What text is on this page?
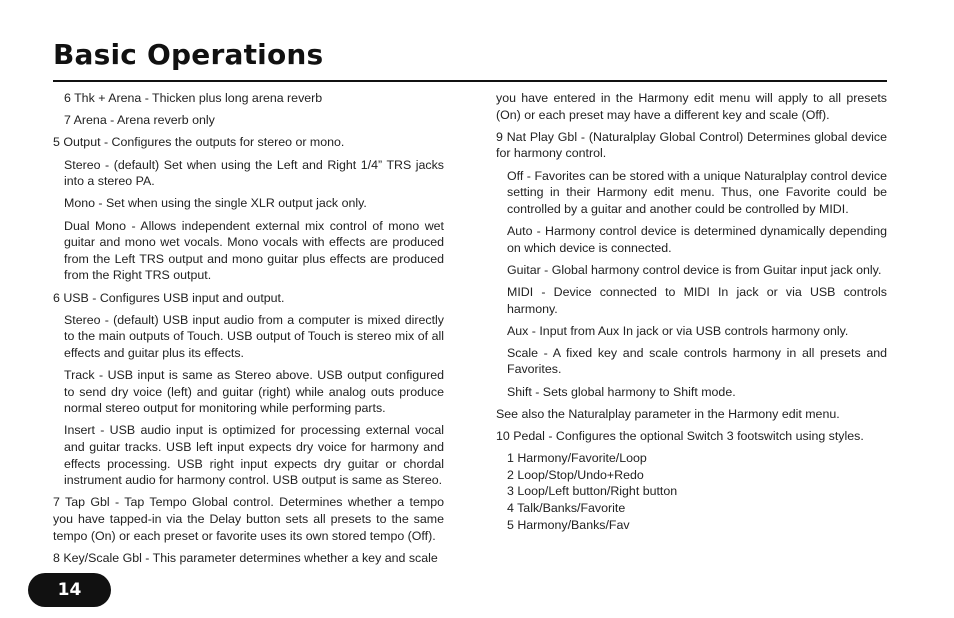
Basic Operations

6 Thk + Arena - Thicken plus long arena reverb

7 Arena - Arena reverb only

5 Output - Configures the outputs for stereo or mono.

Stereo - (default) Set when using the Left and Right 1/4” TRS jacks into a stereo PA.

Mono - Set when using the single XLR output jack only.

Dual Mono - Allows independent external mix control of mono wet guitar and mono wet vocals. Mono vocals with effects are produced from the Left TRS output and mono guitar plus effects are produced from the Right TRS output.

6 USB - Configures USB input and output.

Stereo - (default) USB input audio from a computer is mixed directly to the main outputs of Touch. USB output of Touch is stereo mix of all effects and guitar plus its effects.

Track - USB input is same as Stereo above. USB output configured to send dry voice (left) and guitar (right) while analog outs produce normal stereo output for monitoring while performing parts.

Insert - USB audio input is optimized for processing external vocal and guitar tracks. USB left input expects dry voice for harmony and effects processing. USB right input expects dry guitar or chordal instrument audio for harmony control. USB output is same as Stereo.

7 Tap Gbl - Tap Tempo Global control. Determines whether a tempo you have tapped-in via the Delay button sets all presets to the same tempo (On) or each preset or favorite uses its own stored tempo (Off).

8 Key/Scale Gbl - This parameter determines whether a key and scale

you have entered in the Harmony edit menu will apply to all presets (On) or each preset may have a different key and scale (Off).

9 Nat Play Gbl - (Naturalplay Global Control) Determines global device for harmony control.

Off - Favorites can be stored with a unique Naturalplay control device setting in their Harmony edit menu. Thus, one Favorite could be controlled by a guitar and another could be controlled by MIDI.

Auto - Harmony control device is determined dynamically depending on which device is connected.

Guitar - Global harmony control device is from Guitar input jack only.

MIDI - Device connected to MIDI In jack or via USB controls harmony.

Aux - Input from Aux In jack or via USB controls harmony only.

Scale - A fixed key and scale controls harmony in all presets and Favorites.

Shift - Sets global harmony to Shift mode.

See also the Naturalplay parameter in the Harmony edit menu.

10 Pedal - Configures the optional Switch 3 footswitch using styles.

1 Harmony/Favorite/Loop

2 Loop/Stop/Undo+Redo

3 Loop/Left button/Right button

4 Talk/Banks/Favorite

5 Harmony/Banks/Fav

14
